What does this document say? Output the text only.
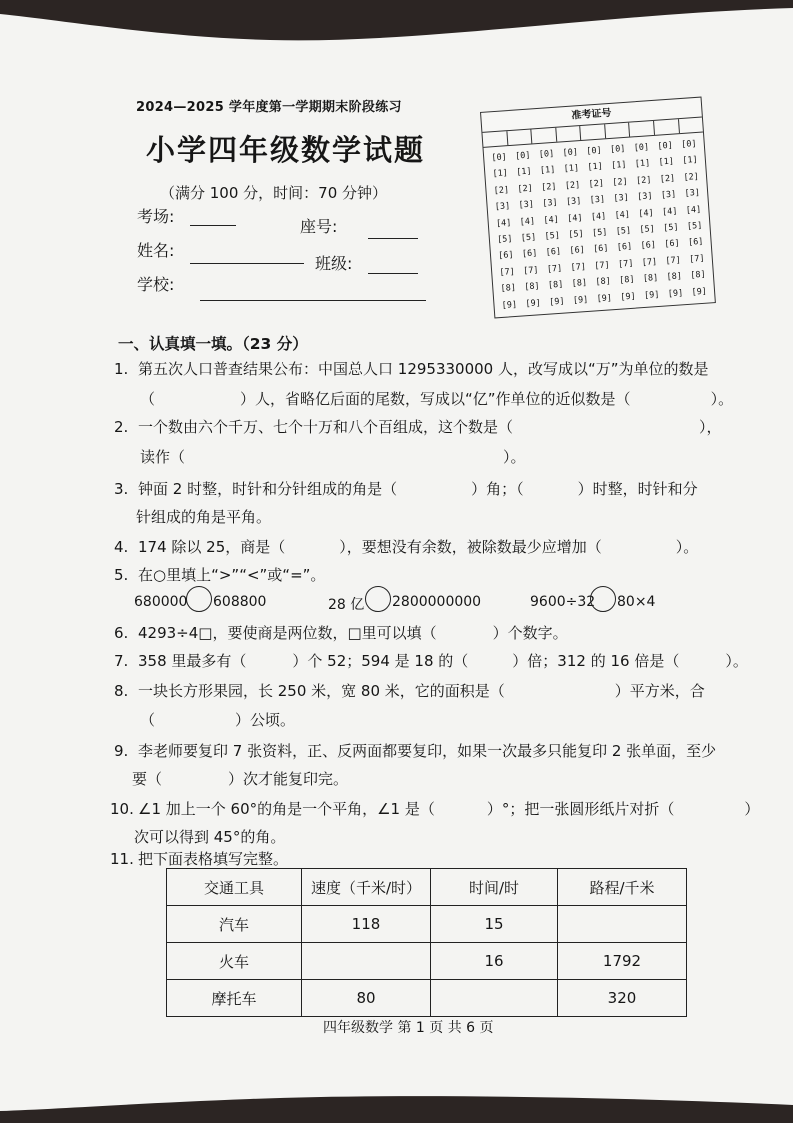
2024—2025 学年度第一学期期末阶段练习
小学四年级数学试题
（满分 100 分，时间：70 分钟）
考场:
座号:
姓名:
班级:
学校:
准考证号
[0]
[1]
[2]
[3]
[4]
[5]
[6]
[7]
[8]
[9]
[0]
[1]
[2]
[3]
[4]
[5]
[6]
[7]
[8]
[9]
[0]
[1]
[2]
[3]
[4]
[5]
[6]
[7]
[8]
[9]
[0]
[1]
[2]
[3]
[4]
[5]
[6]
[7]
[8]
[9]
[0]
[1]
[2]
[3]
[4]
[5]
[6]
[7]
[8]
[9]
[0]
[1]
[2]
[3]
[4]
[5]
[6]
[7]
[8]
[9]
[0]
[1]
[2]
[3]
[4]
[5]
[6]
[7]
[8]
[9]
[0]
[1]
[2]
[3]
[4]
[5]
[6]
[7]
[8]
[9]
[0]
[1]
[2]
[3]
[4]
[5]
[6]
[7]
[8]
[9]
一、认真填一填。（23 分）
1. 第五次人口普查结果公布：中国总人口 1295330000 人，改写成以“万”为单位的数是
（	）人，省略亿后面的尾数，写成以“亿”作单位的近似数是（	）。
2. 一个数由六个千万、七个十万和八个百组成，这个数是（	），
读作（	）。
3. 钟面 2 时整，时针和分针组成的角是（	）角；（	）时整，时针和分
针组成的角是平角。
4. 174 除以 25，商是（	），要想没有余数，被除数最少应增加（	）。
5. 在○里填上“>”“<”或“=”。
680000 608800	28 亿 2800000000	9600÷32 80×4
6. 4293÷4□，要使商是两位数，□里可以填（	）个数字。
7. 358 里最多有（	）个 52；594 是 18 的（	）倍；312 的 16 倍是（	）。
8. 一块长方形果园，长 250 米，宽 80 米，它的面积是（	）平方米，合
（	）公顷。
9. 李老师要复印 7 张资料，正、反两面都要复印，如果一次最多只能复印 2 张单面，至少
要（	）次才能复印完。
10. ∠1 加上一个 60°的角是一个平角，∠1 是（	）°；把一张圆形纸片对折（	）
次可以得到 45°的角。
11. 把下面表格填写完整。
交通工具	速度（千米/时）	时间/时	路程/千米
汽车	118	15	
火车		16	1792
摩托车	80		320
四年级数学 第 1 页 共 6 页
